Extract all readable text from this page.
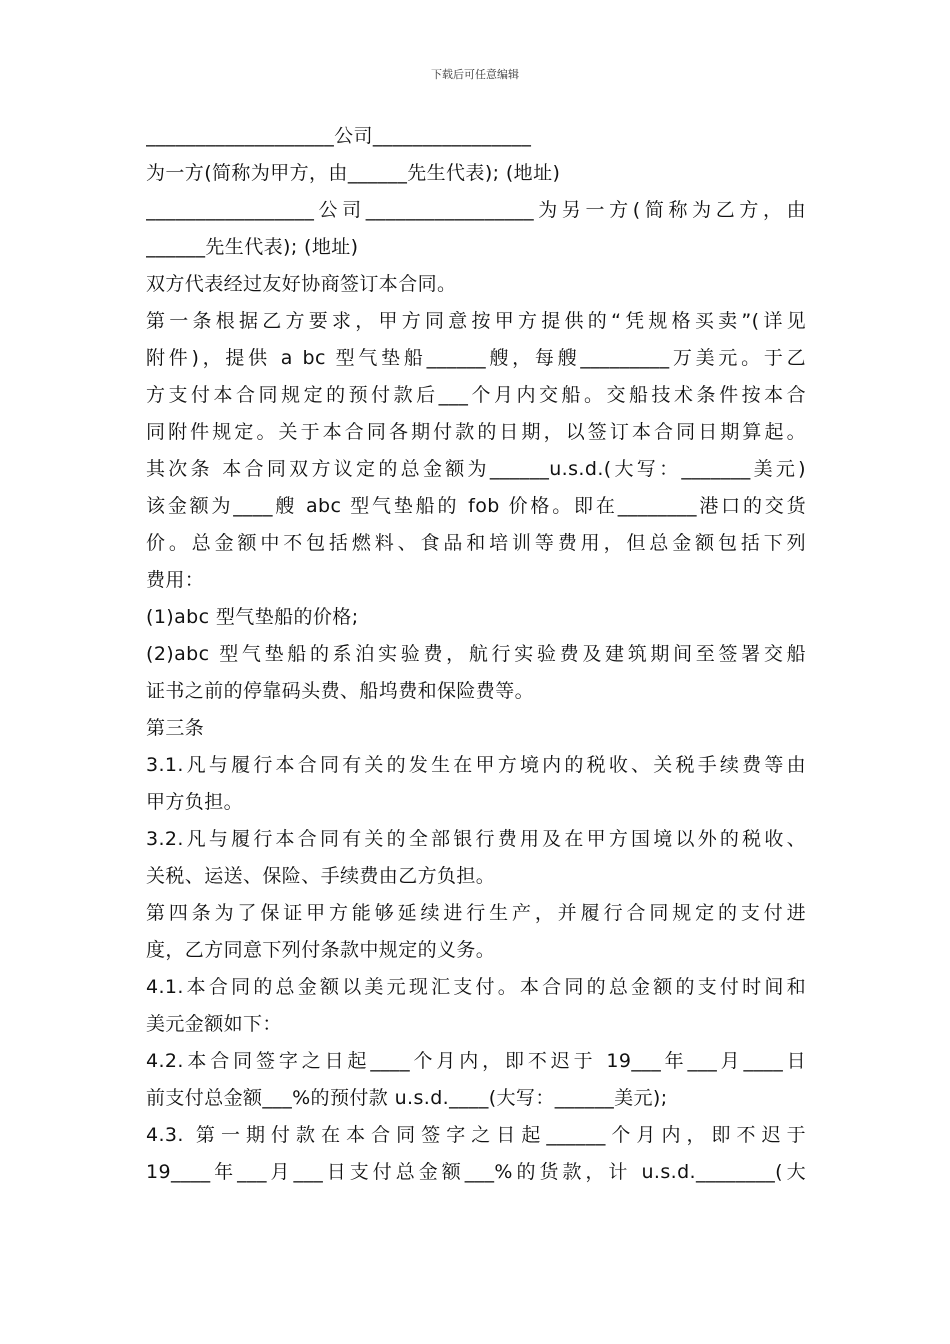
下载后可任意编辑
___________________公司________________
为一方(简称为甲方，由______先生代表); (地址)
_________________公司_________________为另一方(简称为乙方，由
______先生代表); (地址)
双方代表经过友好协商签订本合同。
第一条根据乙方要求，甲方同意按甲方提供的“凭规格买卖”(详见
附件)，提供 a bc 型气垫船______艘，每艘_________万美元。于乙
方支付本合同规定的预付款后___个月内交船。交船技术条件按本合
同附件规定。关于本合同各期付款的日期，以签订本合同日期算起。
其次条 本合同双方议定的总金额为______u.s.d.(大写：_______美元)
该金额为____艘 abc 型气垫船的 fob 价格。即在________港口的交货
价。总金额中不包括燃料、食品和培训等费用，但总金额包括下列
费用：
(1)abc 型气垫船的价格;
(2)abc 型气垫船的系泊实验费，航行实验费及建筑期间至签署交船
证书之前的停靠码头费、船坞费和保险费等。
第三条
3.1.凡与履行本合同有关的发生在甲方境内的税收、关税手续费等由
甲方负担。
3.2.凡与履行本合同有关的全部银行费用及在甲方国境以外的税收、
关税、运送、保险、手续费由乙方负担。
第四条为了保证甲方能够延续进行生产，并履行合同规定的支付进
度，乙方同意下列付条款中规定的义务。
4.1.本合同的总金额以美元现汇支付。本合同的总金额的支付时间和
美元金额如下：
4.2.本合同签字之日起____个月内，即不迟于 19___年___月____日
前支付总金额___%的预付款 u.s.d.____(大写：______美元);
4.3. 第一期付款在本合同签字之日起______个月内，即不迟于
19____年___月___日支付总金额___%的货款，计 u.s.d.________(大
